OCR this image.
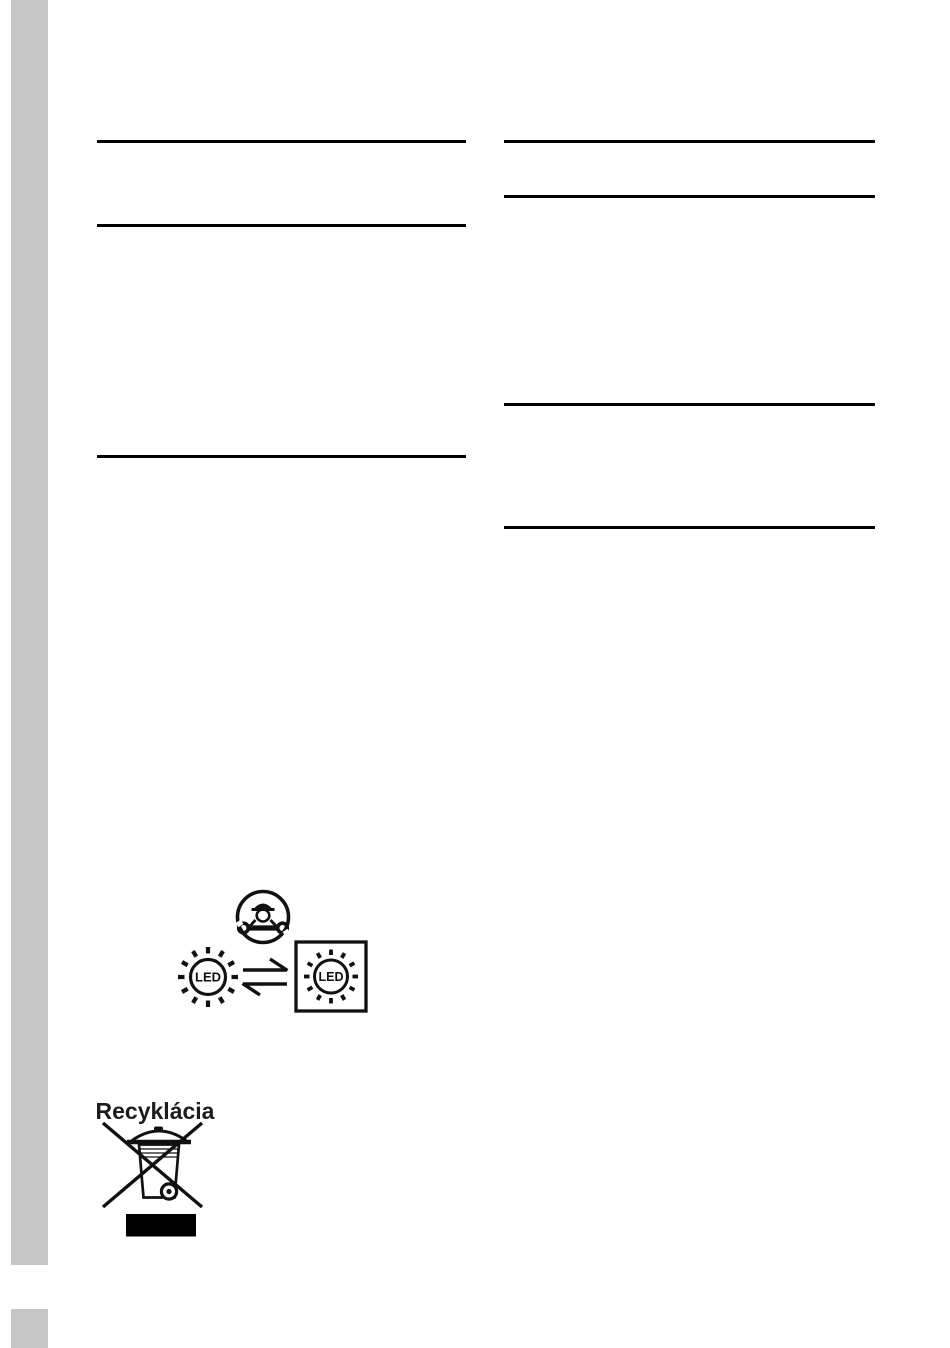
LED	LED
Recyklácia
